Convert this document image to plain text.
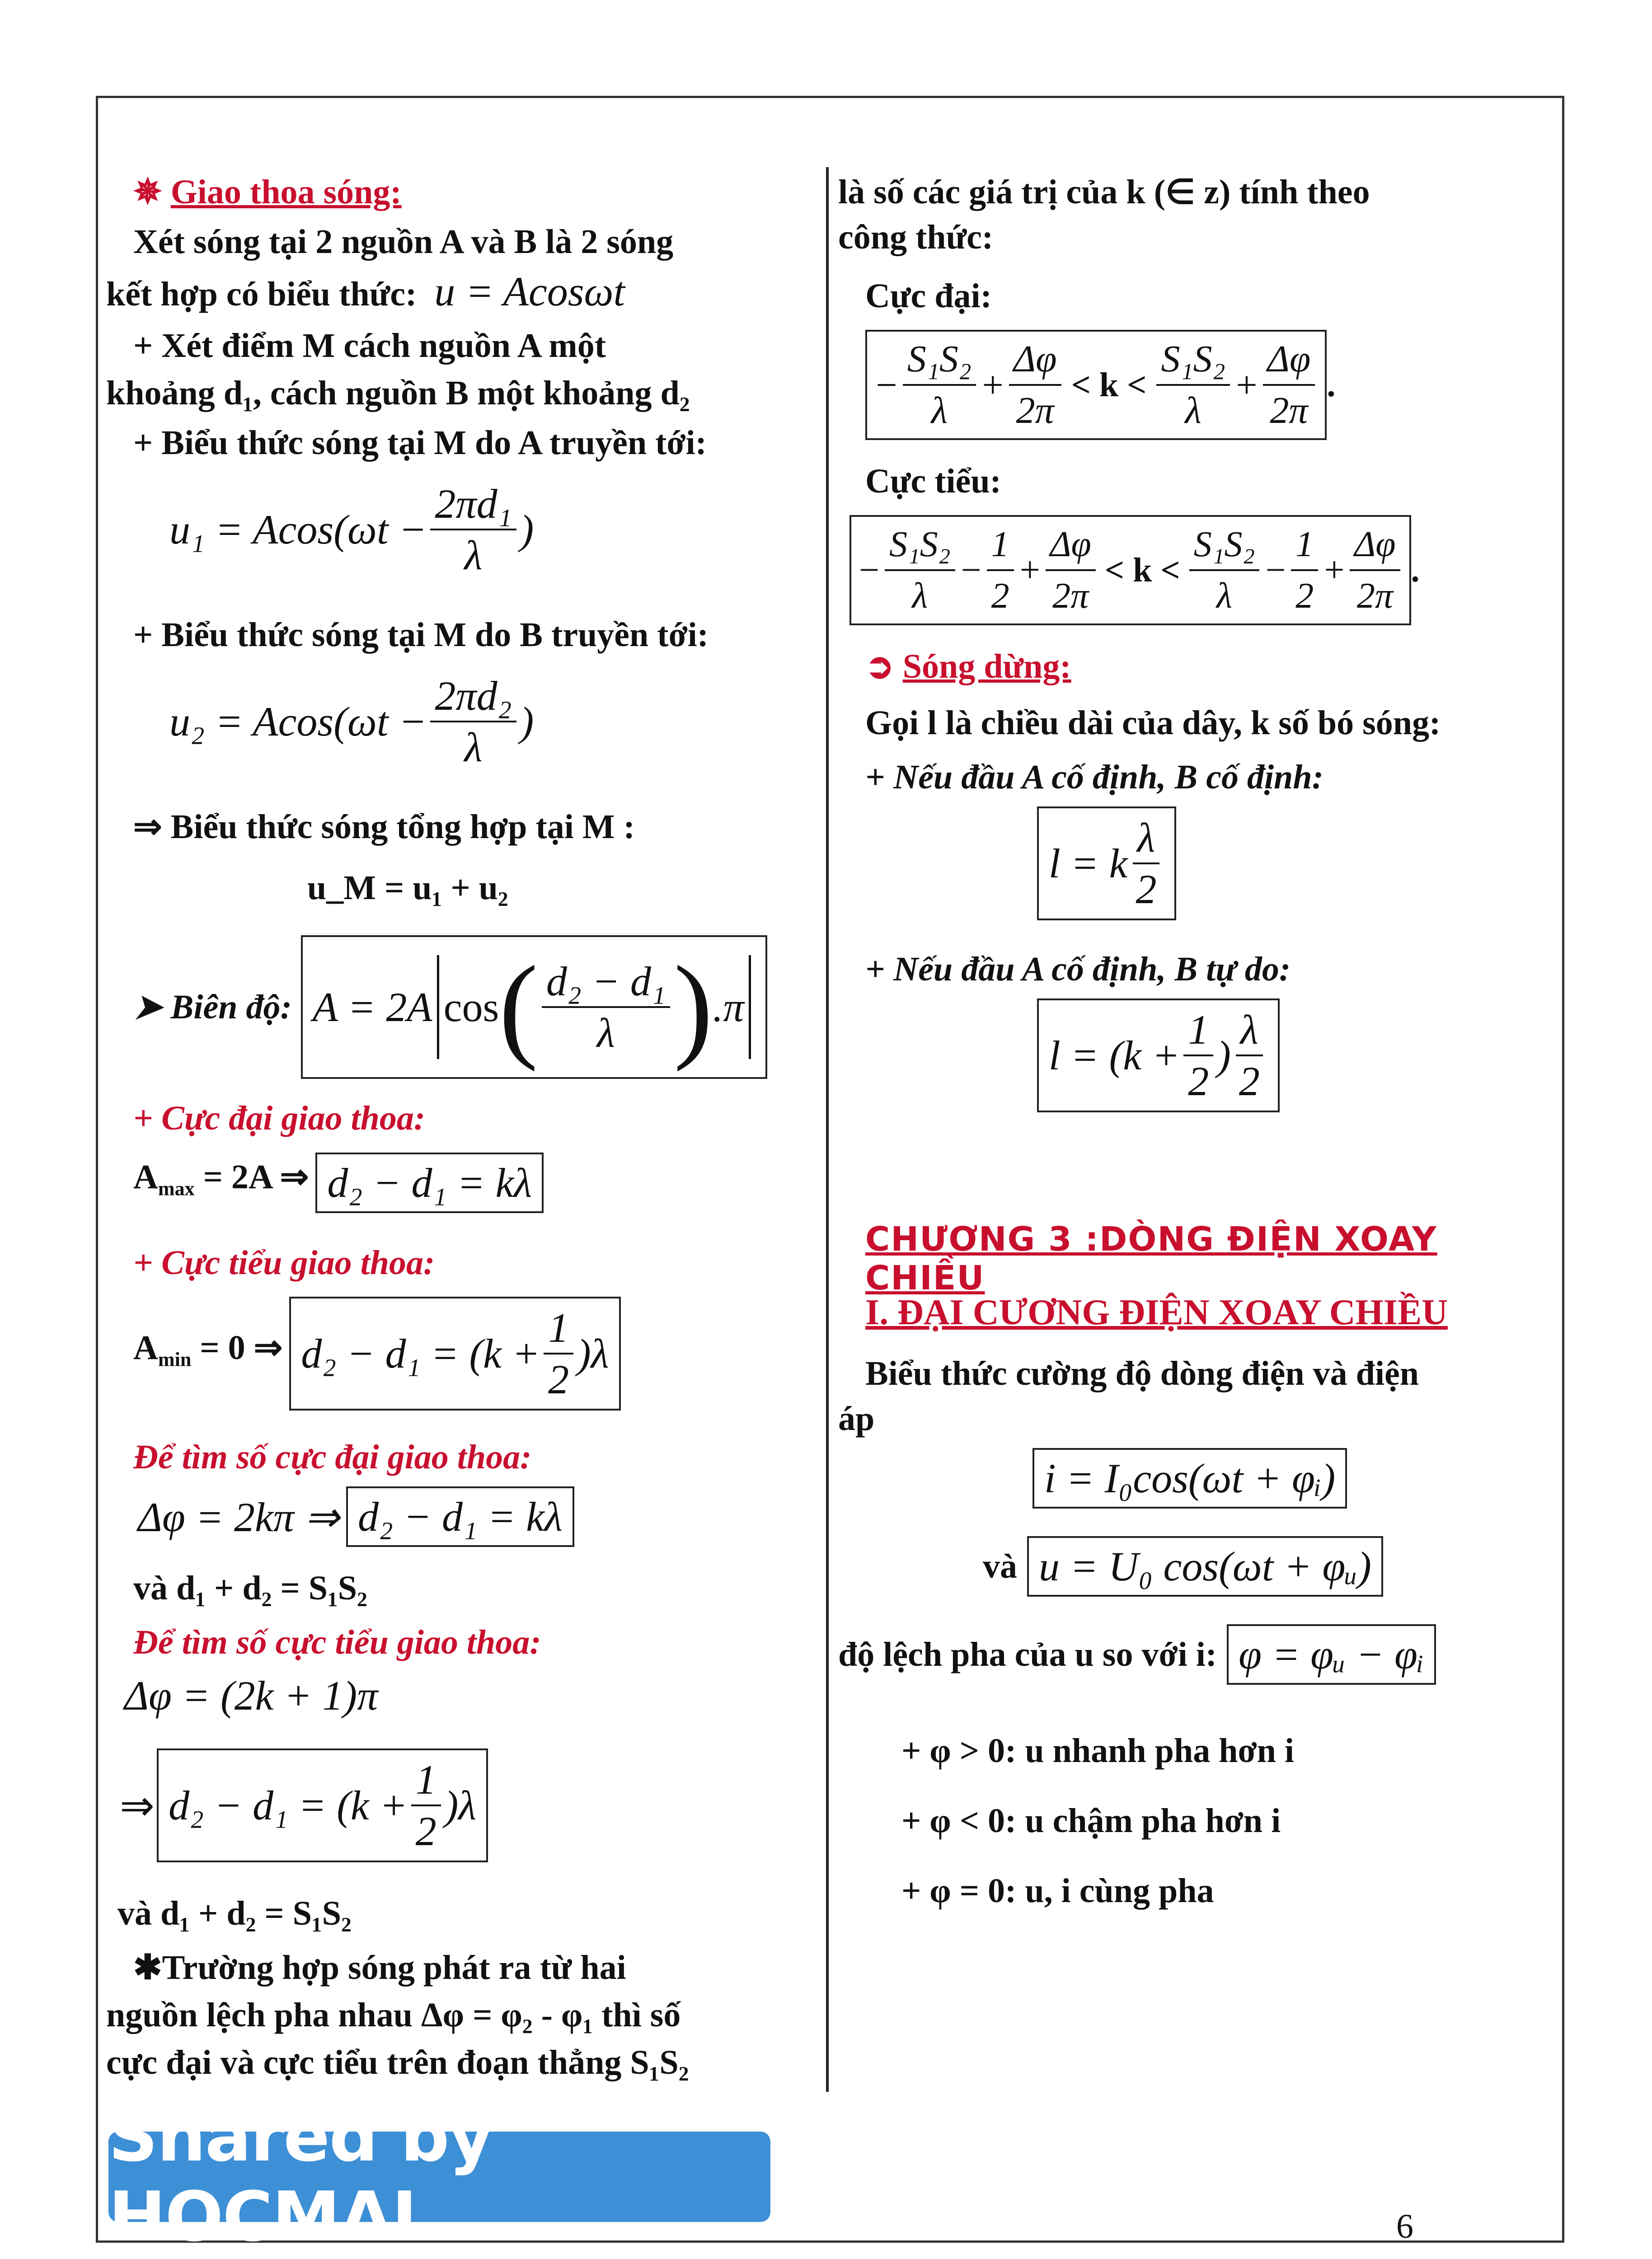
✵ Giao thoa sóng:
Xét sóng tại 2 nguồn A và B là 2 sóng
kết hợp có biểu thức: u = Acosωt
+ Xét điểm M cách nguồn A một
khoảng d₁, cách nguồn B một khoảng d₂
+ Biểu thức sóng tại M do A truyền tới:
$u_1 = Acos(\omega t - \frac{\text{2πd₁}}{\lambda}$ )
+ Biểu thức sóng tại M do B truyền tới:
$u_2 = Acos(\omega t - \frac{\text{2πd₂}}{\lambda}$ )
⇒ Biểu thức sóng tổng hợp tại M :
u_M = u₁ + u₂
➤ Biên độ: A = 2A cos ( $\frac{\text{d₂ − d₁}}{\lambda}$ ) .π
+ Cực đại giao thoa:
$A_{max} = 2A$ ⇒ d₂ − d₁ = kλ
+ Cực tiểu giao thoa:
$A_{min} = 0$ ⇒ $d_2 - d_1 = (k + \frac{1}{2} )\lambda$
Để tìm số cực đại giao thoa:
Δφ = 2kπ ⇒ d₂ − d₁ = kλ
và d₁ + d₂ = S₁S₂
Để tìm số cực tiểu giao thoa:
Δφ = (2k + 1)π
⇒ $d_2 - d_1 = (k + \frac{1}{2} )\lambda$
và d₁ + d₂ = S₁S₂
✱Trường hợp sóng phát ra từ hai
nguồn lệch pha nhau Δφ = φ₂ - φ₁ thì số
cực đại và cực tiểu trên đoạn thẳng S₁S₂
là số các giá trị của k (∈ z) tính theo
công thức:
Cực đại:
− $\frac{\text{S₁S₂}}{\lambda} + \frac{\Delta\varphi}{2\pi} < k < \frac{\text{S₁S₂}}{\lambda} + \frac{\Delta\varphi}{2\pi}$ .
Cực tiểu:
− $\frac{\text{S₁S₂}}{\lambda} - \frac{1}{2} + \frac{\Delta\varphi}{2\pi} < k < \frac{\text{S₁S₂}}{\lambda} - \frac{1}{2} + \frac{\Delta\varphi}{2\pi}$ .
➲ Sóng dừng:
Gọi l là chiều dài của dây, k số bó sóng:
+ Nếu đầu A cố định, B cố định:
l = k $\frac{\lambda}{2}$
+ Nếu đầu A cố định, B tự do:
$l = (k + \frac{1}{2}$ ) $\frac{\lambda}{2}$
CHƯƠNG 3 :DÒNG ĐIỆN XOAY CHIỀU
I. ĐẠI CƯƠNG ĐIỆN XOAY CHIỀU
Biểu thức cường độ dòng điện và điện
áp
i = I₀cos(ωt + φᵢ)
và u = U₀ cos(ωt + φᵤ)
độ lệch pha của u so với i: φ = φᵤ − φᵢ
+ φ > 0: u nhanh pha hơn i
+ φ < 0: u chậm pha hơn i
+ φ = 0: u, i cùng pha
Shared by HOCMAI	6
